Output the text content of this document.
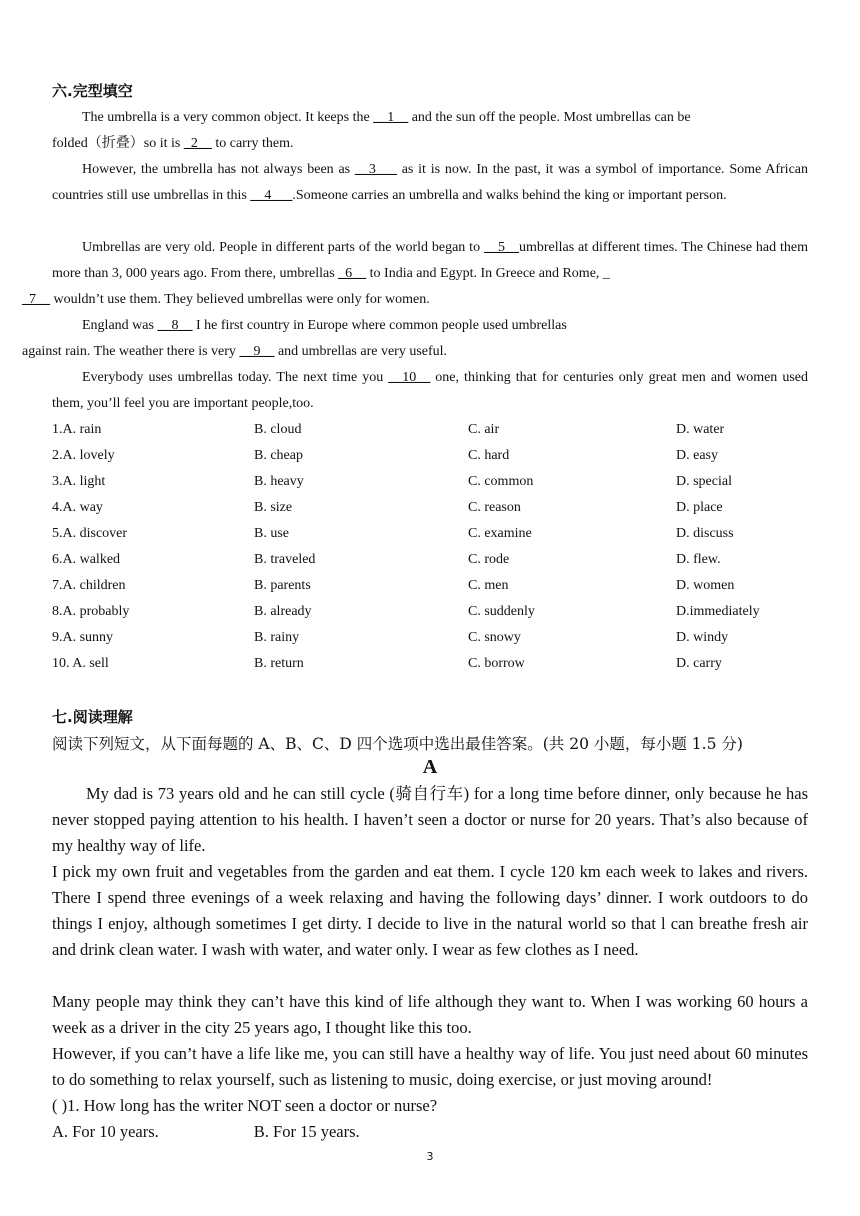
六.完型填空
The umbrella is a very common object. It keeps the __1__ and the sun off the people. Most umbrellas can be
folded（折叠）so it is _2__ to carry them.
However, the umbrella has not always been as __3___ as it is now. In the past, it was a symbol of importance. Some African countries still use umbrellas in this __4___.Someone carries an umbrella and walks behind the king or important person.
Umbrellas are very old. People in different parts of the world began to __5__umbrellas at different times. The Chinese had them more than 3, 000 years ago. From there, umbrellas _6__ to India and Egypt. In Greece and Rome, _
_7__ wouldn’t use them. They believed umbrellas were only for women.
England was __8__ I he first country in Europe where common people used umbrellas
against rain. The weather there is very __9__ and umbrellas are very useful.
Everybody uses umbrellas today. The next time you __10__ one, thinking that for centuries only great men and women used them, you’ll feel you are important people,too.
1.A. rain	B. cloud	C. air	D. water
2.A. lovely	B. cheap	C. hard	D. easy
3.A. light	B. heavy	C. common	D. special
4.A. way	B. size	C. reason	D. place
5.A. discover	B. use	C. examine	D. discuss
6.A. walked	B. traveled	C. rode	D. flew.
7.A. children	B. parents	C. men	D. women
8.A. probably	B. already	C. suddenly	D.immediately
9.A. sunny	B. rainy	C. snowy	D. windy
10. A. sell	B. return	C. borrow	D. carry
七.阅读理解
阅读下列短文，从下面每题的 A、B、C、D 四个选项中选出最佳答案。(共 20 小题，每小题 1.5 分)
A
My dad is 73 years old and he can still cycle (骑自行车) for a long time before dinner, only because he has never stopped paying attention to his health. I haven’t seen a doctor or nurse for 20 years. That’s also because of my healthy way of life.
I pick my own fruit and vegetables from the garden and eat them. I cycle 120 km each week to lakes and rivers. There I spend three evenings of a week relaxing and having the following days’ dinner. I work outdoors to do things I enjoy, although sometimes I get dirty. I decide to live in the natural world so that l can breathe fresh air and drink clean water. I wash with water, and water only. I wear as few clothes as I need.
Many people may think they can’t have this kind of life although they want to. When I was working 60 hours a week as a driver in the city 25 years ago, I thought like this too.
However, if you can’t have a life like me, you can still have a healthy way of life. You just need about 60 minutes to do something to relax yourself, such as listening to music, doing exercise, or just moving around!
( )1. How long has the writer NOT seen a doctor or nurse?
A. For 10 years.	B. For 15 years.
3
